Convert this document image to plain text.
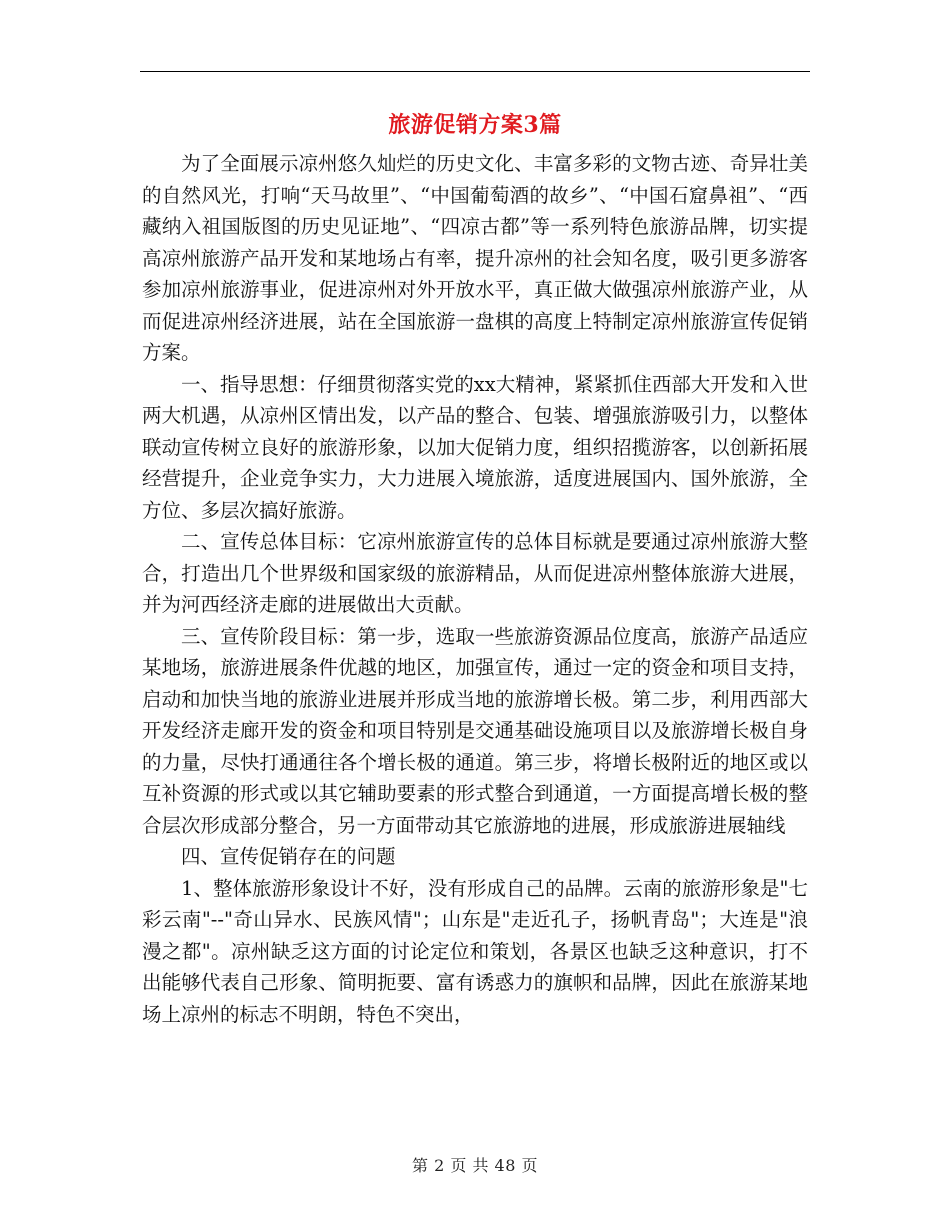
旅游促销方案3篇

为了全面展示凉州悠久灿烂的历史文化、丰富多彩的文物古迹、奇异壮美的自然风光，打响“天马故里”、“中国葡萄酒的故乡”、“中国石窟鼻祖”、“西藏纳入祖国版图的历史见证地”、“四凉古都”等一系列特色旅游品牌，切实提高凉州旅游产品开发和某地场占有率，提升凉州的社会知名度，吸引更多游客参加凉州旅游事业，促进凉州对外开放水平，真正做大做强凉州旅游产业，从而促进凉州经济进展，站在全国旅游一盘棋的高度上特制定凉州旅游宣传促销方案。

一、指导思想：仔细贯彻落实党的xx大精神，紧紧抓住西部大开发和入世两大机遇，从凉州区情出发，以产品的整合、包装、增强旅游吸引力，以整体联动宣传树立良好的旅游形象，以加大促销力度，组织招揽游客，以创新拓展经营提升，企业竞争实力，大力进展入境旅游，适度进展国内、国外旅游，全方位、多层次搞好旅游。

二、宣传总体目标：它凉州旅游宣传的总体目标就是要通过凉州旅游大整合，打造出几个世界级和国家级的旅游精品，从而促进凉州整体旅游大进展，并为河西经济走廊的进展做出大贡献。

三、宣传阶段目标：第一步，选取一些旅游资源品位度高，旅游产品适应某地场，旅游进展条件优越的地区，加强宣传，通过一定的资金和项目支持，启动和加快当地的旅游业进展并形成当地的旅游增长极。第二步，利用西部大开发经济走廊开发的资金和项目特别是交通基础设施项目以及旅游增长极自身的力量，尽快打通通往各个增长极的通道。第三步，将增长极附近的地区或以互补资源的形式或以其它辅助要素的形式整合到通道，一方面提高增长极的整合层次形成部分整合，另一方面带动其它旅游地的进展，形成旅游进展轴线

四、宣传促销存在的问题

1、整体旅游形象设计不好，没有形成自己的品牌。云南的旅游形象是"七彩云南"--"奇山异水、民族风情"；山东是"走近孔子，扬帆青岛"；大连是"浪漫之都"。凉州缺乏这方面的讨论定位和策划，各景区也缺乏这种意识，打不出能够代表自己形象、简明扼要、富有诱惑力的旗帜和品牌，因此在旅游某地场上凉州的标志不明朗，特色不突出，

第 2 页 共 48 页
